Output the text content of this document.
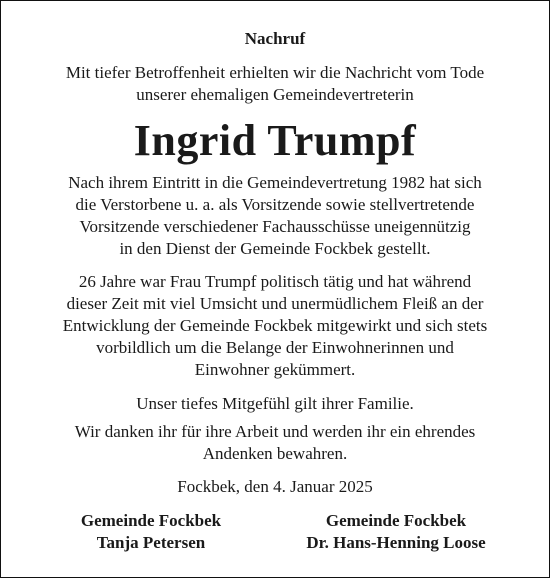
Nachruf
Mit tiefer Betroffenheit erhielten wir die Nachricht vom Tode
unserer ehemaligen Gemeindevertreterin
Ingrid Trumpf
Nach ihrem Eintritt in die Gemeindevertretung 1982 hat sich
die Verstorbene u. a. als Vorsitzende sowie stellvertretende
Vorsitzende verschiedener Fachausschüsse uneigennützig
in den Dienst der Gemeinde Fockbek gestellt.
26 Jahre war Frau Trumpf politisch tätig und hat während
dieser Zeit mit viel Umsicht und unermüdlichem Fleiß an der
Entwicklung der Gemeinde Fockbek mitgewirkt und sich stets
vorbildlich um die Belange der Einwohnerinnen und
Einwohner gekümmert.
Unser tiefes Mitgefühl gilt ihrer Familie.
Wir danken ihr für ihre Arbeit und werden ihr ein ehrendes
Andenken bewahren.
Fockbek, den 4. Januar 2025
Gemeinde Fockbek
Tanja Petersen
Gemeinde Fockbek
Dr. Hans-Henning Loose
